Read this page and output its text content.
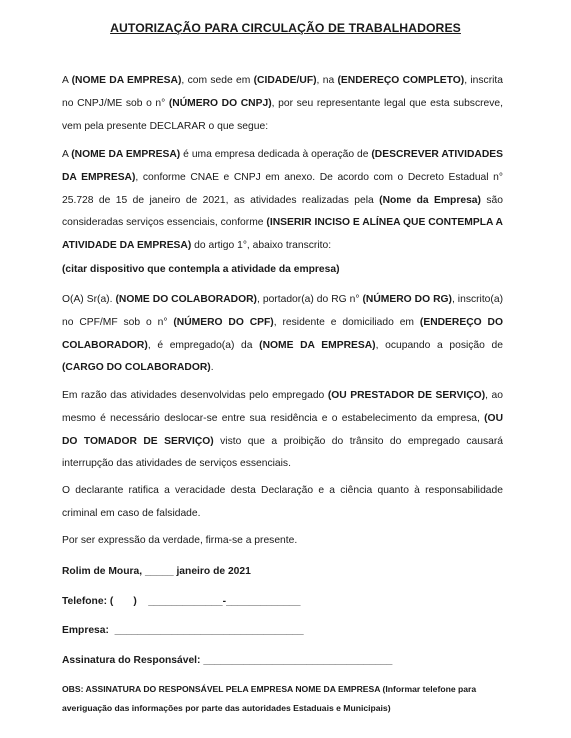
AUTORIZAÇÃO PARA CIRCULAÇÃO DE TRABALHADORES

A (NOME DA EMPRESA), com sede em (CIDADE/UF), na (ENDEREÇO COMPLETO), inscrita no CNPJ/ME sob o n° (NÚMERO DO CNPJ), por seu representante legal que esta subscreve, vem pela presente DECLARAR o que segue:

A (NOME DA EMPRESA) é uma empresa dedicada à operação de (DESCREVER ATIVIDADES DA EMPRESA), conforme CNAE e CNPJ em anexo. De acordo com o Decreto Estadual n° 25.728 de 15 de janeiro de 2021, as atividades realizadas pela (Nome da Empresa) são consideradas serviços essenciais, conforme (INSERIR INCISO E ALÍNEA QUE CONTEMPLA A ATIVIDADE DA EMPRESA) do artigo 1°, abaixo transcrito:

(citar dispositivo que contempla a atividade da empresa)

O(A) Sr(a). (NOME DO COLABORADOR), portador(a) do RG n° (NÚMERO DO RG), inscrito(a) no CPF/MF sob o n° (NÚMERO DO CPF), residente e domiciliado em (ENDEREÇO DO COLABORADOR), é empregado(a) da (NOME DA EMPRESA), ocupando a posição de (CARGO DO COLABORADOR).

Em razão das atividades desenvolvidas pelo empregado (OU PRESTADOR DE SERVIÇO), ao mesmo é necessário deslocar-se entre sua residência e o estabelecimento da empresa, (OU DO TOMADOR DE SERVIÇO) visto que a proibição do trânsito do empregado causará interrupção das atividades de serviços essenciais.

O declarante ratifica a veracidade desta Declaração e a ciência quanto à responsabilidade criminal em caso de falsidade.

Por ser expressão da verdade, firma-se a presente.

Rolim de Moura, _____ janeiro de 2021

Telefone: (       )    _____________-_____________

Empresa:  _________________________________

Assinatura do Responsável: _________________________________

OBS: ASSINATURA DO RESPONSÁVEL PELA EMPRESA NOME DA EMPRESA (Informar telefone para averiguação das informações por parte das autoridades Estaduais e Municipais)
